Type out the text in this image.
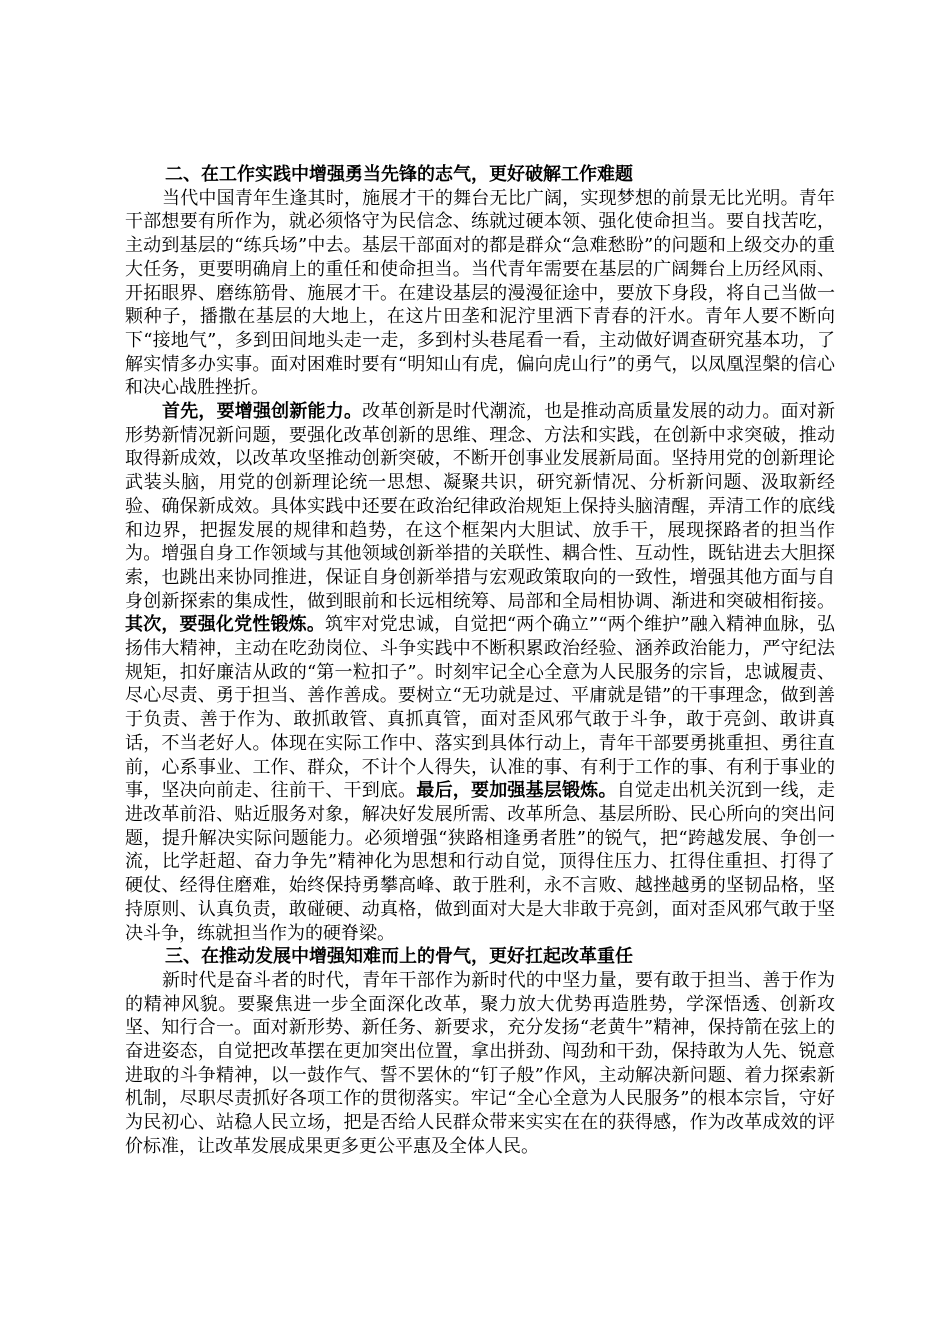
二、在工作实践中增强勇当先锋的志气，更好破解工作难题

当代中国青年生逢其时，施展才干的舞台无比广阔，实现梦想的前景无比光明。青年干部想要有所作为，就必须恪守为民信念、练就过硬本领、强化使命担当。要自找苦吃，主动到基层的“练兵场”中去。基层干部面对的都是群众“急难愁盼”的问题和上级交办的重大任务，更要明确肩上的重任和使命担当。当代青年需要在基层的广阔舞台上历经风雨、开拓眼界、磨练筋骨、施展才干。在建设基层的漫漫征途中，要放下身段，将自己当做一颗种子，播撒在基层的大地上，在这片田垄和泥泞里洒下青春的汗水。青年人要不断向下“接地气”，多到田间地头走一走，多到村头巷尾看一看，主动做好调查研究基本功，了解实情多办实事。面对困难时要有“明知山有虎，偏向虎山行”的勇气，以凤凰涅槃的信心和决心战胜挫折。

首先，要增强创新能力。改革创新是时代潮流，也是推动高质量发展的动力。面对新形势新情况新问题，要强化改革创新的思维、理念、方法和实践，在创新中求突破，推动取得新成效，以改革攻坚推动创新突破，不断开创事业发展新局面。坚持用党的创新理论武装头脑，用党的创新理论统一思想、凝聚共识，研究新情况、分析新问题、汲取新经验、确保新成效。具体实践中还要在政治纪律政治规矩上保持头脑清醒，弄清工作的底线和边界，把握发展的规律和趋势，在这个框架内大胆试、放手干，展现探路者的担当作为。增强自身工作领域与其他领域创新举措的关联性、耦合性、互动性，既钻进去大胆探索，也跳出来协同推进，保证自身创新举措与宏观政策取向的一致性，增强其他方面与自身创新探索的集成性，做到眼前和长远相统筹、局部和全局相协调、渐进和突破相衔接。其次，要强化党性锻炼。筑牢对党忠诚，自觉把“两个确立”“两个维护”融入精神血脉，弘扬伟大精神，主动在吃劲岗位、斗争实践中不断积累政治经验、涵养政治能力，严守纪法规矩，扣好廉洁从政的“第一粒扣子”。时刻牢记全心全意为人民服务的宗旨，忠诚履责、尽心尽责、勇于担当、善作善成。要树立“无功就是过、平庸就是错”的干事理念，做到善于负责、善于作为、敢抓敢管、真抓真管，面对歪风邪气敢于斗争，敢于亮剑、敢讲真话，不当老好人。体现在实际工作中、落实到具体行动上，青年干部要勇挑重担、勇往直前，心系事业、工作、群众，不计个人得失，认准的事、有利于工作的事、有利于事业的事，坚决向前走、往前干、干到底。最后，要加强基层锻炼。自觉走出机关沉到一线，走进改革前沿、贴近服务对象，解决好发展所需、改革所急、基层所盼、民心所向的突出问题，提升解决实际问题能力。必须增强“狭路相逢勇者胜”的锐气，把“跨越发展、争创一流，比学赶超、奋力争先”精神化为思想和行动自觉，顶得住压力、扛得住重担、打得了硬仗、经得住磨难，始终保持勇攀高峰、敢于胜利，永不言败、越挫越勇的坚韧品格，坚持原则、认真负责，敢碰硬、动真格，做到面对大是大非敢于亮剑，面对歪风邪气敢于坚决斗争，练就担当作为的硬脊梁。

三、在推动发展中增强知难而上的骨气，更好扛起改革重任

新时代是奋斗者的时代，青年干部作为新时代的中坚力量，要有敢于担当、善于作为的精神风貌。要聚焦进一步全面深化改革，聚力放大优势再造胜势，学深悟透、创新攻坚、知行合一。面对新形势、新任务、新要求，充分发扬“老黄牛”精神，保持箭在弦上的奋进姿态，自觉把改革摆在更加突出位置，拿出拼劲、闯劲和干劲，保持敢为人先、锐意进取的斗争精神，以一鼓作气、誓不罢休的“钉子般”作风，主动解决新问题、着力探索新机制，尽职尽责抓好各项工作的贯彻落实。牢记“全心全意为人民服务”的根本宗旨，守好为民初心、站稳人民立场，把是否给人民群众带来实实在在的获得感，作为改革成效的评价标准，让改革发展成果更多更公平惠及全体人民。
